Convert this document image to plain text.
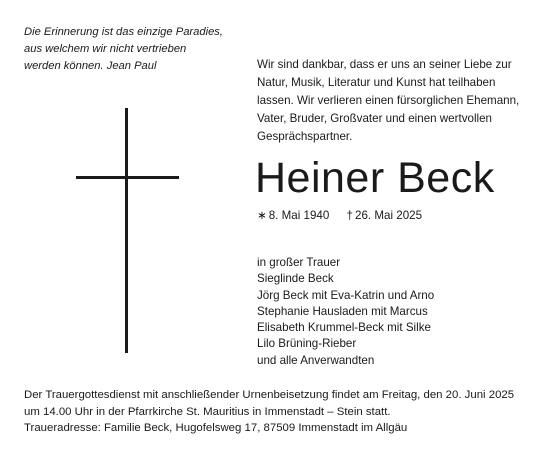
Die Erinnerung ist das einzige Paradies,
aus welchem wir nicht vertrieben
werden können. Jean Paul	Wir sind dankbar, dass er uns an seiner Liebe zur
Natur, Musik, Literatur und Kunst hat teilhaben
lassen. Wir verlieren einen fürsorglichen Ehemann,
Vater, Bruder, Großvater und einen wertvollen
Gesprächspartner.
Heiner Beck
∗ 8. Mai 1940 † 26. Mai 2025
in großer Trauer
Sieglinde Beck
Jörg Beck mit Eva-Katrin und Arno
Stephanie Hausladen mit Marcus
Elisabeth Krummel-Beck mit Silke
Lilo Brüning-Rieber
und alle Anverwandten
Der Trauergottesdienst mit anschließender Urnenbeisetzung findet am Freitag, den 20. Juni 2025
um 14.00 Uhr in der Pfarrkirche St. Mauritius in Immenstadt – Stein statt.
Traueradresse: Familie Beck, Hugofelsweg 17, 87509 Immenstadt im Allgäu
